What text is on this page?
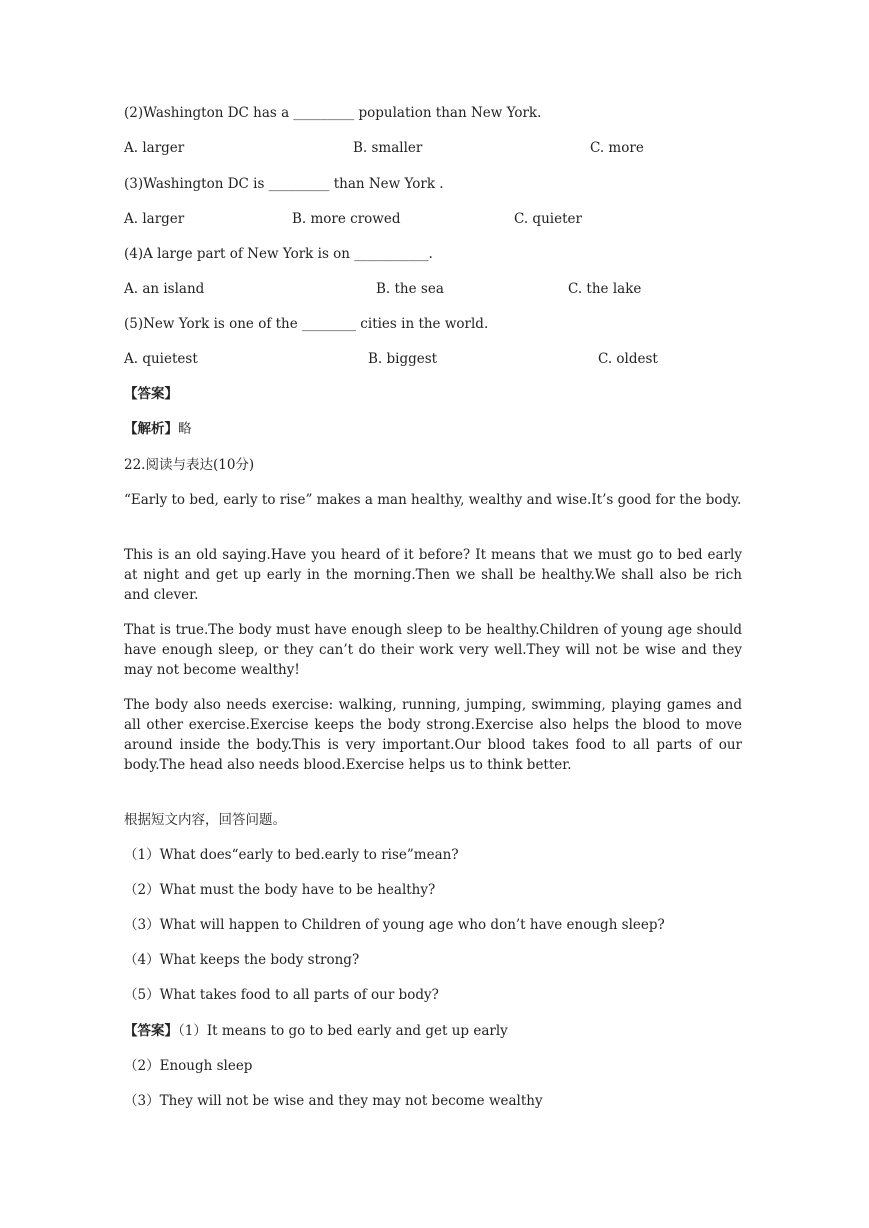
(2)Washington DC has a _________ population than New York.
A. larger	B. smaller	C. more
(3)Washington DC is _________ than New York .
A. larger	B. more crowed	C. quieter
(4)A large part of New York is on ___________.
A. an island	B. the sea	C. the lake
(5)New York is one of the ________ cities in the world.
A. quietest	B. biggest	C. oldest
【答案】
【解析】略
22.阅读与表达(10分)
“Early to bed, early to rise” makes a man healthy, wealthy and wise.It’s good for the body.
This is an old saying.Have you heard of it before? It means that we must go to bed early at night and get up early in the morning.Then we shall be healthy.We shall also be rich and clever.
That is true.The body must have enough sleep to be healthy.Children of young age should have enough sleep, or they can’t do their work very well.They will not be wise and they may not become wealthy!
The body also needs exercise: walking, running, jumping, swimming, playing games and all other exercise.Exercise keeps the body strong.Exercise also helps the blood to move around inside the body.This is very important.Our blood takes food to all parts of our body.The head also needs blood.Exercise helps us to think better.
根据短文内容，回答问题。
（1）What does“early to bed.early to rise”mean?
（2）What must the body have to be healthy?
（3）What will happen to Children of young age who don’t have enough sleep?
（4）What keeps the body strong?
（5）What takes food to all parts of our body?
【答案】（1）It means to go to bed early and get up early
（2）Enough sleep
（3）They will not be wise and they may not become wealthy
